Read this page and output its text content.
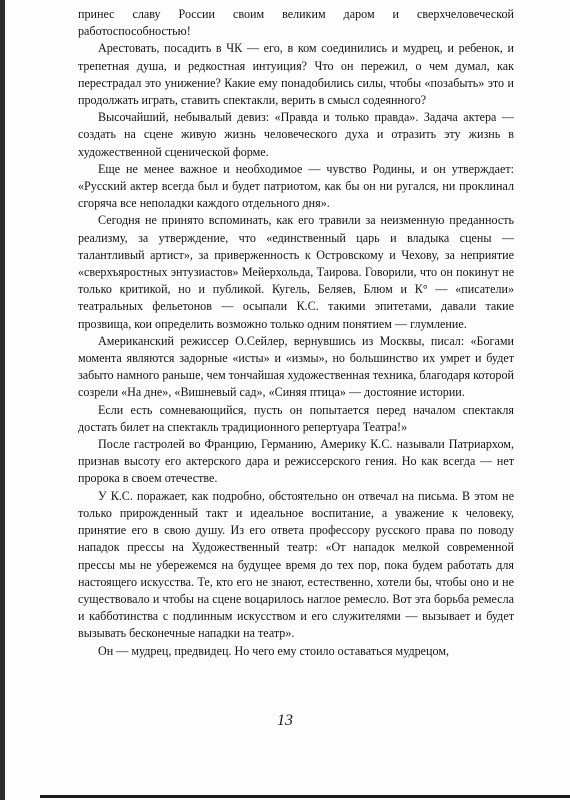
принес славу России своим великим даром и сверхчеловеческой работоспособностью!

Арестовать, посадить в ЧК — его, в ком соединились и мудрец, и ребенок, и трепетная душа, и редкостная интуиция? Что он пережил, о чем думал, как перестрадал это унижение? Какие ему понадобились силы, чтобы «позабыть» это и продолжать играть, ставить спектакли, верить в смысл содеянного?

Высочайший, небывалый девиз: «Правда и только правда». Задача актера — создать на сцене живую жизнь человеческого духа и отразить эту жизнь в художественной сценической форме.

Еще не менее важное и необходимое — чувство Родины, и он утверждает: «Русский актер всегда был и будет патриотом, как бы он ни ругался, ни проклинал сгоряча все неполадки каждого отдельного дня».

Сегодня не принято вспоминать, как его травили за неизменную преданность реализму, за утверждение, что «единственный царь и владыка сцены — талантливый артист», за приверженность к Островскому и Чехову, за неприятие «сверхъяростных энтузиастов» Мейерхольда, Таирова. Говорили, что он покинут не только критикой, но и публикой. Кугель, Беляев, Блюм и К° — «писатели» театральных фельетонов — осыпали К.С. такими эпитетами, давали такие прозвища, кои определить возможно только одним понятием — глумление.

Американский режиссер О.Сейлер, вернувшись из Москвы, писал: «Богами момента являются задорные «исты» и «измы», но большинство их умрет и будет забыто намного раньше, чем тончайшая художественная техника, благодаря которой созрели «На дне», «Вишневый сад», «Синяя птица» — достояние истории.

Если есть сомневающийся, пусть он попытается перед началом спектакля достать билет на спектакль традиционного репертуара Театра!»

После гастролей во Францию, Германию, Америку К.С. называли Патриархом, признав высоту его актерского дара и режиссерского гения. Но как всегда — нет пророка в своем отечестве.

У К.С. поражает, как подробно, обстоятельно он отвечал на письма. В этом не только прирожденный такт и идеальное воспитание, а уважение к человеку, принятие его в свою душу. Из его ответа профессору русского права по поводу нападок прессы на Художественный театр: «От нападок мелкой современной прессы мы не убережемся на будущее время до тех пор, пока будем работать для настоящего искусства. Те, кто его не знают, естественно, хотели бы, чтобы оно и не существовало и чтобы на сцене воцарилось наглое ремесло. Вот эта борьба ремесла и кабботинства с подлинным искусством и его служителями — вызывает и будет вызывать бесконечные нападки на театр».

Он — мудрец, предвидец. Но чего ему стоило оставаться мудрецом,

13
